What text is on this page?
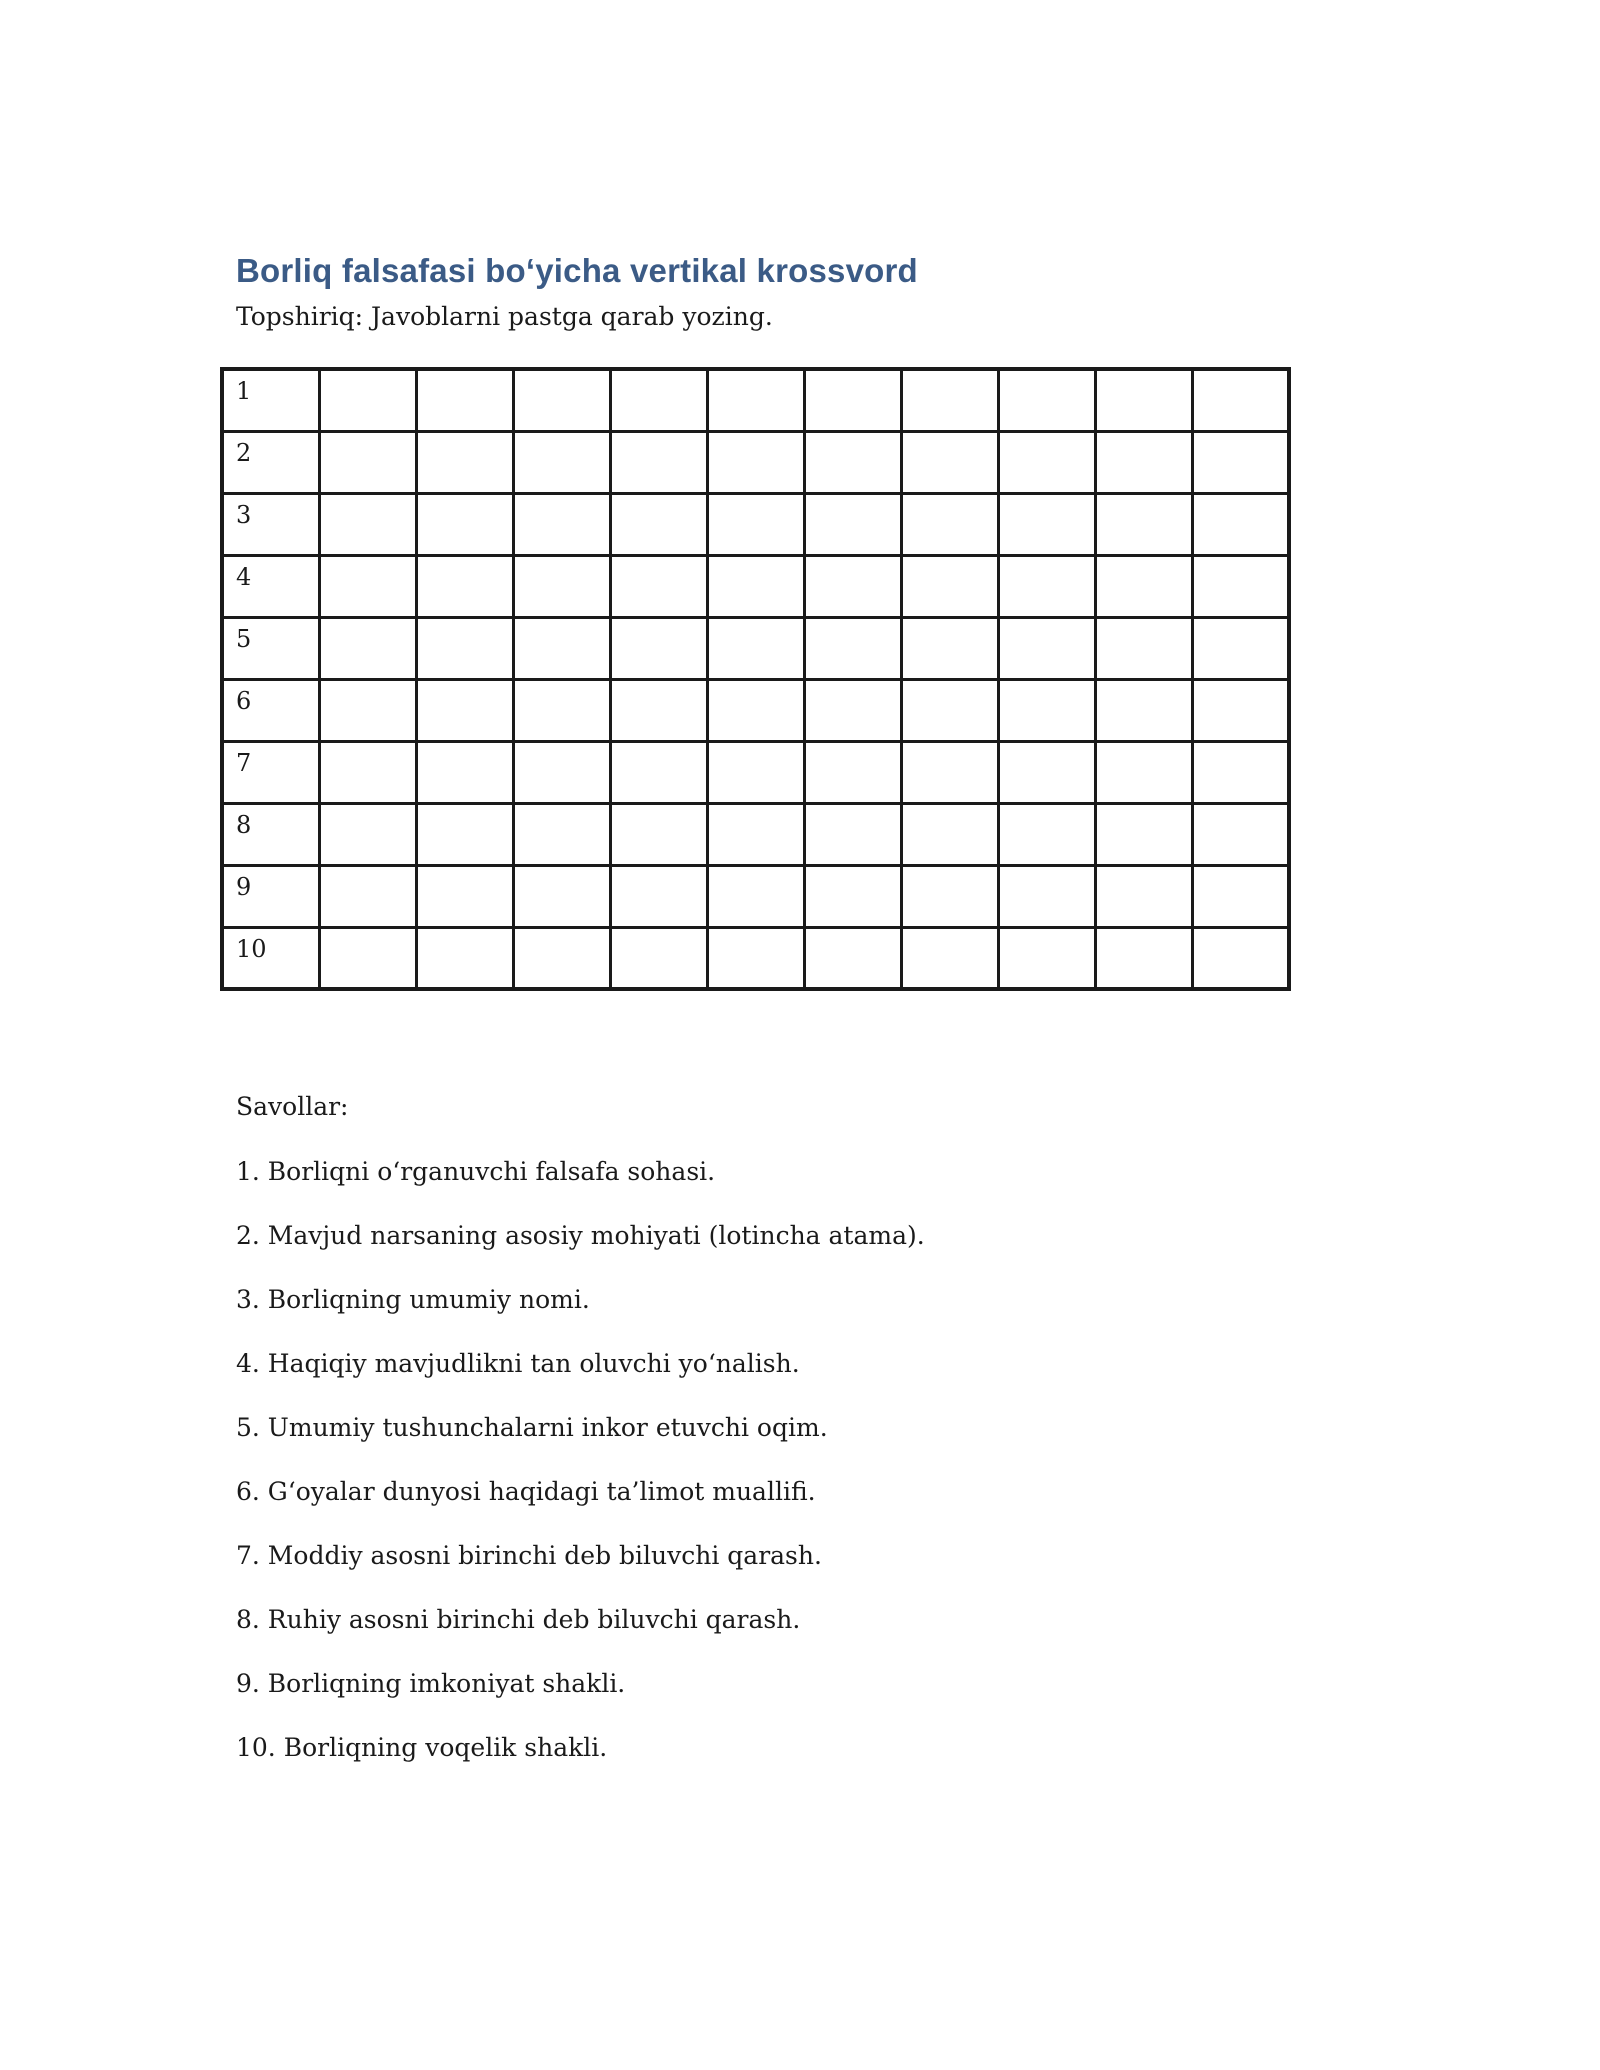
Borliq falsafasi bo‘yicha vertikal krossvord
Topshiriq: Javoblarni pastga qarab yozing.
1										
2										
3										
4										
5										
6										
7										
8										
9										
10										
Savollar:
1. Borliqni o‘rganuvchi falsafa sohasi.
2. Mavjud narsaning asosiy mohiyati (lotincha atama).
3. Borliqning umumiy nomi.
4. Haqiqiy mavjudlikni tan oluvchi yo‘nalish.
5. Umumiy tushunchalarni inkor etuvchi oqim.
6. G‘oyalar dunyosi haqidagi ta’limot muallifi.
7. Moddiy asosni birinchi deb biluvchi qarash.
8. Ruhiy asosni birinchi deb biluvchi qarash.
9. Borliqning imkoniyat shakli.
10. Borliqning voqelik shakli.
